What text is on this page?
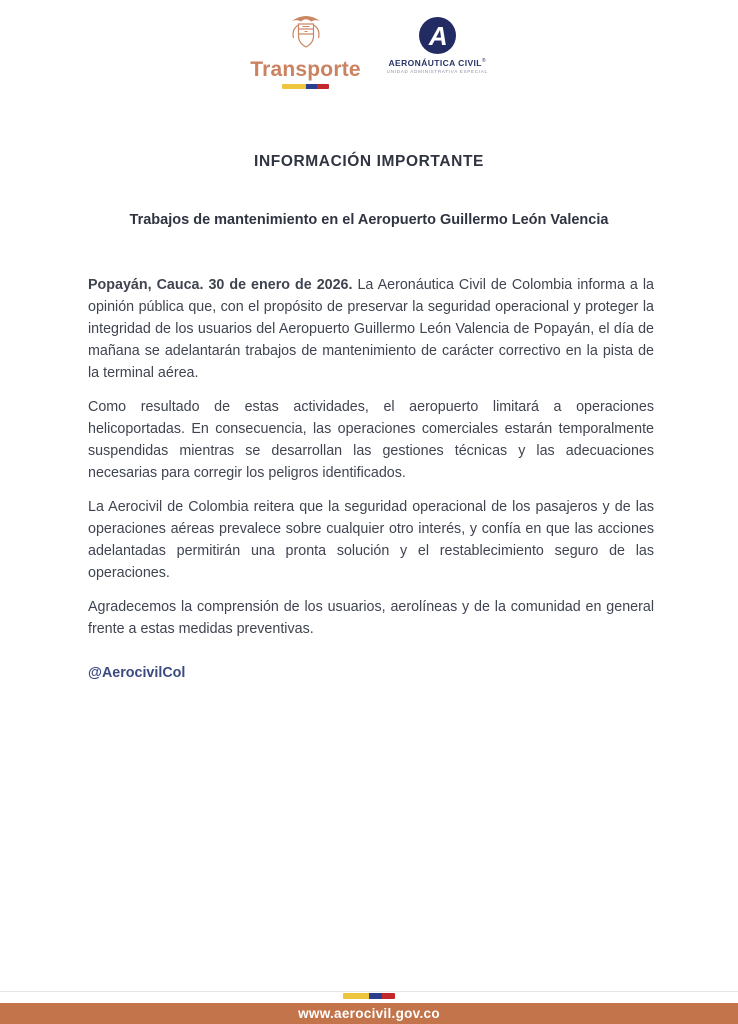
Transporte
A
AERONÁUTICA CIVIL®
UNIDAD ADMINISTRATIVA ESPECIAL
INFORMACIÓN IMPORTANTE
Trabajos de mantenimiento en el Aeropuerto Guillermo León Valencia

Popayán, Cauca. 30 de enero de 2026. La Aeronáutica Civil de Colombia informa a la opinión pública que, con el propósito de preservar la seguridad operacional y proteger la integridad de los usuarios del Aeropuerto Guillermo León Valencia de Popayán, el día de mañana se adelantarán trabajos de mantenimiento de carácter correctivo en la pista de la terminal aérea.

Como resultado de estas actividades, el aeropuerto limitará a operaciones helicoportadas. En consecuencia, las operaciones comerciales estarán temporalmente suspendidas mientras se desarrollan las gestiones técnicas y las adecuaciones necesarias para corregir los peligros identificados.

La Aerocivil de Colombia reitera que la seguridad operacional de los pasajeros y de las operaciones aéreas prevalece sobre cualquier otro interés, y confía en que las acciones adelantadas permitirán una pronta solución y el restablecimiento seguro de las operaciones.

Agradecemos la comprensión de los usuarios, aerolíneas y de la comunidad en general frente a estas medidas preventivas.

@AerocivilCol
www.aerocivil.gov.co
